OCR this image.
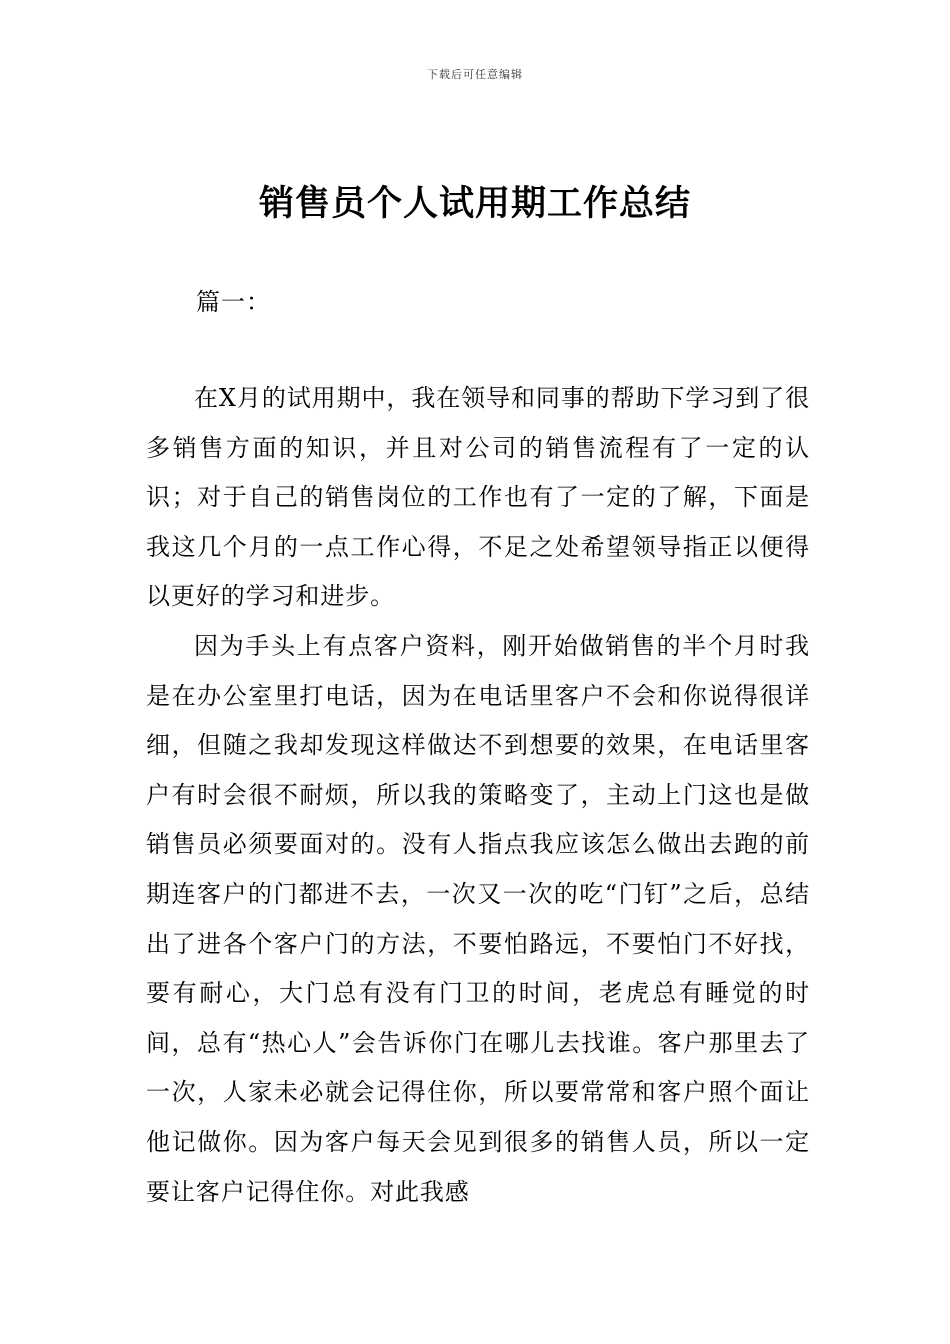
下载后可任意编辑
销售员个人试用期工作总结
篇一：

在X月的试用期中，我在领导和同事的帮助下学习到了很多销售方面的知识，并且对公司的销售流程有了一定的认识；对于自己的销售岗位的工作也有了一定的了解，下面是我这几个月的一点工作心得，不足之处希望领导指正以便得以更好的学习和进步。

因为手头上有点客户资料，刚开始做销售的半个月时我是在办公室里打电话，因为在电话里客户不会和你说得很详细，但随之我却发现这样做达不到想要的效果，在电话里客户有时会很不耐烦，所以我的策略变了，主动上门这也是做销售员必须要面对的。没有人指点我应该怎么做出去跑的前期连客户的门都进不去，一次又一次的吃“门钉”之后，总结出了进各个客户门的方法，不要怕路远，不要怕门不好找，要有耐心，大门总有没有门卫的时间，老虎总有睡觉的时间，总有“热心人”会告诉你门在哪儿去找谁。客户那里去了一次，人家未必就会记得住你，所以要常常和客户照个面让他记做你。因为客户每天会见到很多的销售人员，所以一定要让客户记得住你。对此我感
